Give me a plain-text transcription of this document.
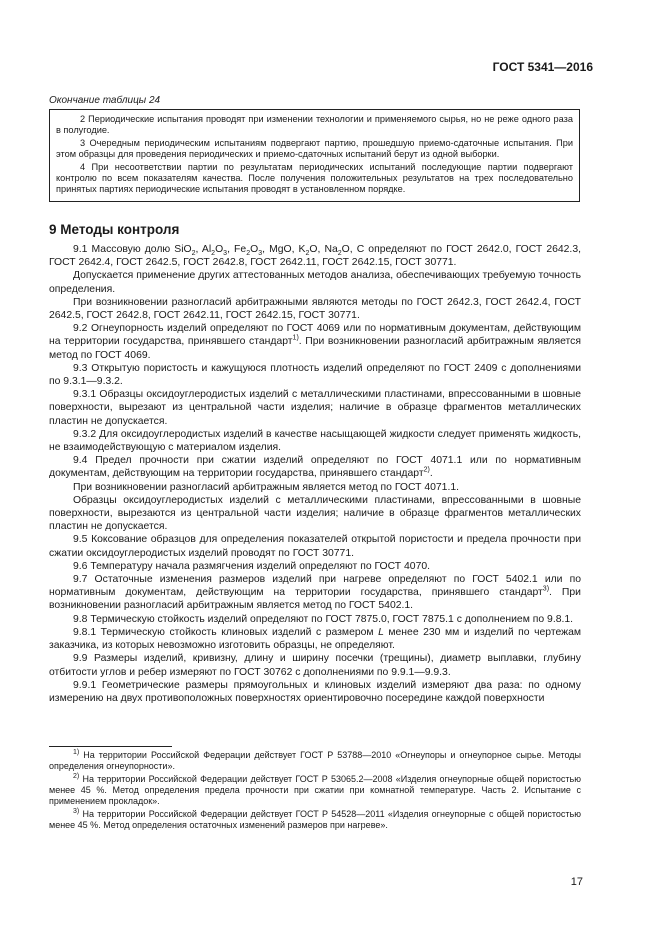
ГОСТ 5341—2016
Окончание таблицы 24

2 Периодические испытания проводят при изменении технологии и применяемого сырья, но не реже одного раза в полугодие.

3 Очередным периодическим испытаниям подвергают партию, прошедшую приемо-сдаточные испытания. При этом образцы для проведения периодических и приемо-сдаточных испытаний берут из одной выборки.

4 При несоответствии партии по результатам периодических испытаний последующие партии подвергают контролю по всем показателям качества. После получения положительных результатов на трех последовательно принятых партиях периодические испытания проводят в установленном порядке.

9 Методы контроля

9.1 Массовую долю SiO$_2$, $Al_2O_3$, $Fe_2O_3$, MgO, $K_2O$, $Na_2O$, С определяют по ГОСТ 2642.0, ГОСТ 2642.3, ГОСТ 2642.4, ГОСТ 2642.5, ГОСТ 2642.8, ГОСТ 2642.11, ГОСТ 2642.15, ГОСТ 30771.

Допускается применение других аттестованных методов анализа, обеспечивающих требуемую точность определения.

При возникновении разногласий арбитражными являются методы по ГОСТ 2642.3, ГОСТ 2642.4, ГОСТ 2642.5, ГОСТ 2642.8, ГОСТ 2642.11, ГОСТ 2642.15, ГОСТ 30771.

9.2 Огнеупорность изделий определяют по ГОСТ 4069 или по нормативным документам, действующим на территории государства, принявшего стандарт$^{1)}$. При возникновении разногласий арбитражным является метод по ГОСТ 4069.

9.3 Открытую пористость и кажущуюся плотность изделий определяют по ГОСТ 2409 с дополнениями по 9.3.1—9.3.2.

9.3.1 Образцы оксидоуглеродистых изделий с металлическими пластинами, впрессованными в шовные поверхности, вырезают из центральной части изделия; наличие в образце фрагментов металлических пластин не допускается.

9.3.2 Для оксидоуглеродистых изделий в качестве насыщающей жидкости следует применять жидкость, не взаимодействующую с материалом изделия.

9.4 Предел прочности при сжатии изделий определяют по ГОСТ 4071.1 или по нормативным документам, действующим на территории государства, принявшего стандарт$^{2)}$.

При возникновении разногласий арбитражным является метод по ГОСТ 4071.1.

Образцы оксидоуглеродистых изделий с металлическими пластинами, впрессованными в шовные поверхности, вырезаются из центральной части изделия; наличие в образце фрагментов металлических пластин не допускается.

9.5 Коксование образцов для определения показателей открытой пористости и предела прочности при сжатии оксидоуглеродистых изделий проводят по ГОСТ 30771.

9.6 Температуру начала размягчения изделий определяют по ГОСТ 4070.

9.7 Остаточные изменения размеров изделий при нагреве определяют по ГОСТ 5402.1 или по нормативным документам, действующим на территории государства, принявшего стандарт$^{3)}$. При возникновении разногласий арбитражным является метод по ГОСТ 5402.1.

9.8 Термическую стойкость изделий определяют по ГОСТ 7875.0, ГОСТ 7875.1 с дополнением по 9.8.1.

9.8.1 Термическую стойкость клиновых изделий с размером L менее 230 мм и изделий по чертежам заказчика, из которых невозможно изготовить образцы, не определяют.

9.9 Размеры изделий, кривизну, длину и ширину посечки (трещины), диаметр выплавки, глубину отбитости углов и ребер измеряют по ГОСТ 30762 с дополнениями по 9.9.1—9.9.3.

9.9.1 Геометрические размеры прямоугольных и клиновых изделий измеряют два раза: по одному измерению на двух противоположных поверхностях ориентировочно посередине каждой поверхности

$^{1)}$ На территории Российской Федерации действует ГОСТ Р 53788—2010 «Огнеупоры и огнеупорное сырье. Методы определения огнеупорности».

$^{2)}$ На территории Российской Федерации действует ГОСТ Р 53065.2—2008 «Изделия огнеупорные общей пористостью менее 45 %. Метод определения предела прочности при сжатии при комнатной температуре. Часть 2. Испытание с применением прокладок».

$^{3)}$ На территории Российской Федерации действует ГОСТ Р 54528—2011 «Изделия огнеупорные с общей пористостью менее 45 %. Метод определения остаточных изменений размеров при нагреве».

17
